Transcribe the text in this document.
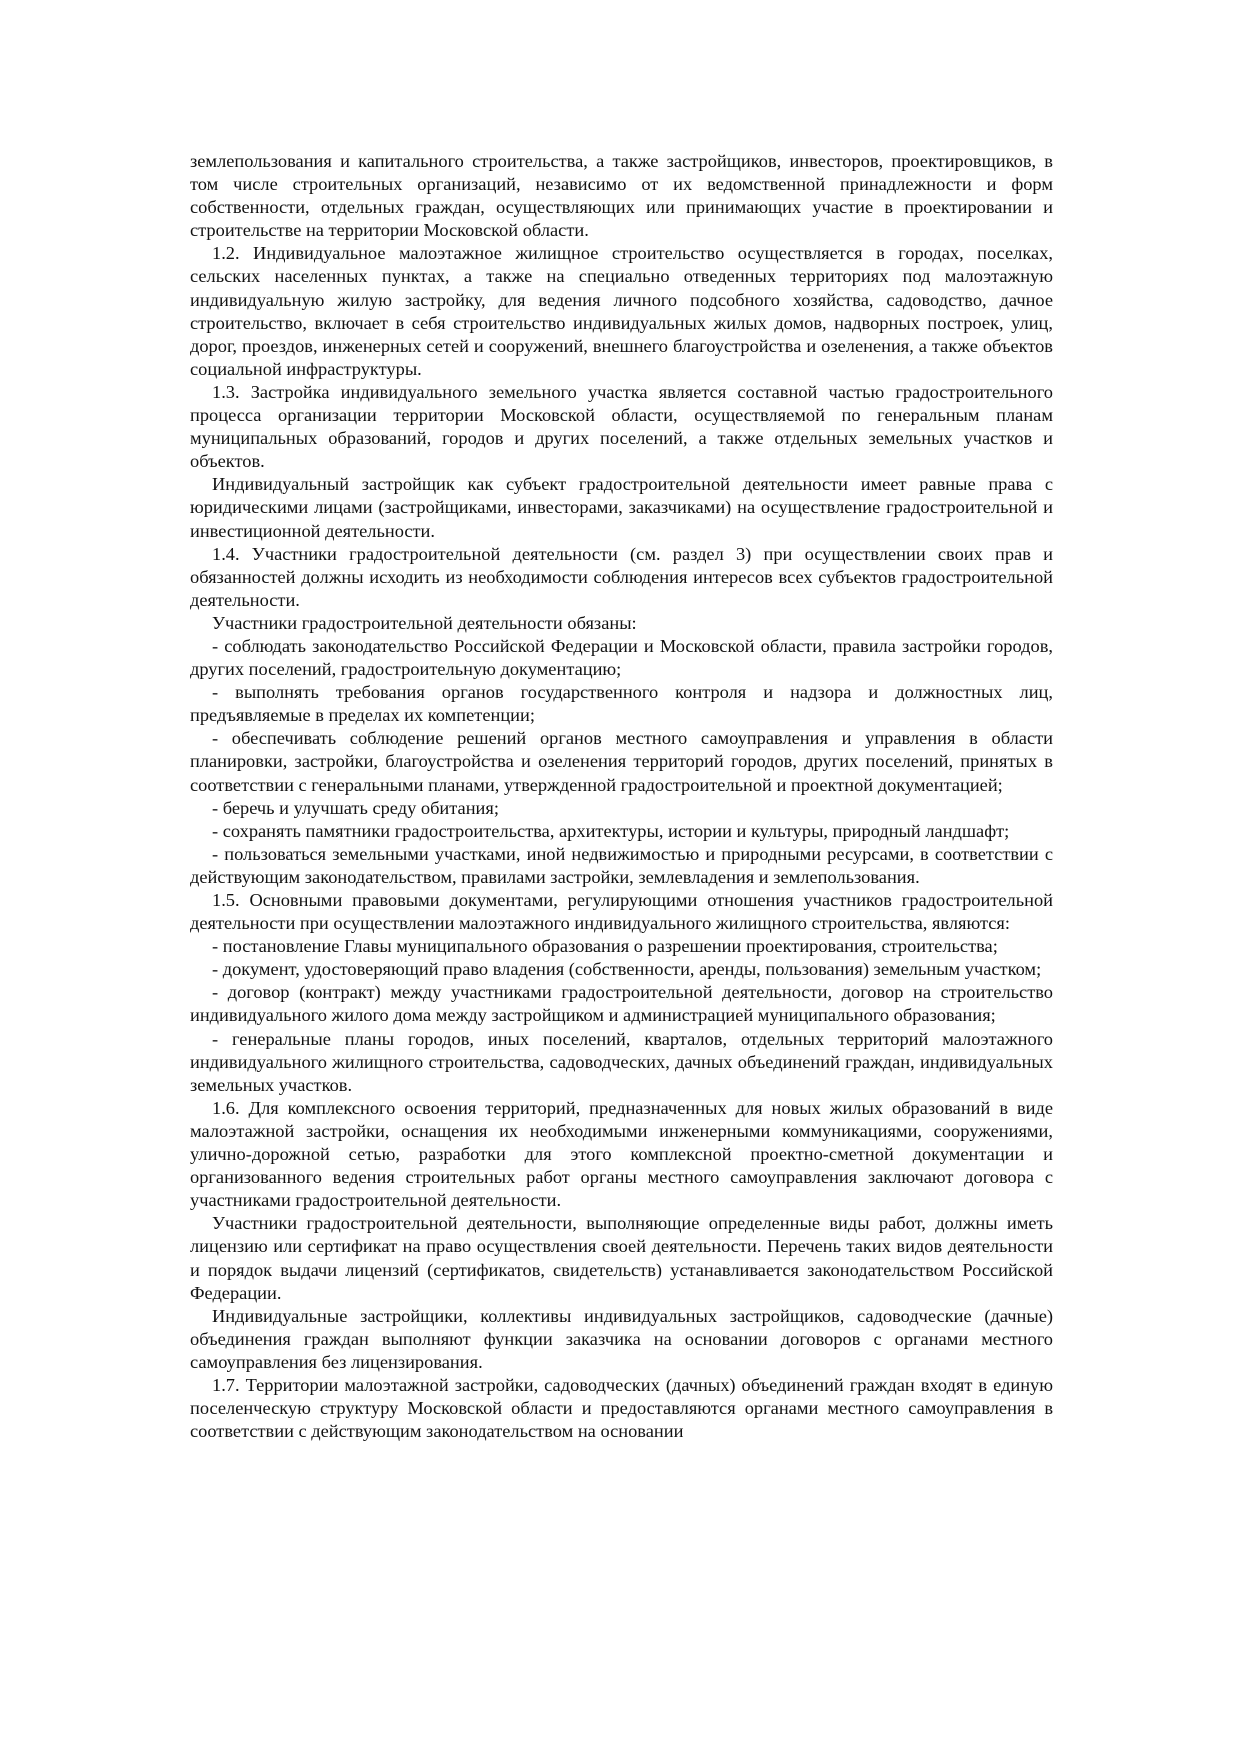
землепользования и капитального строительства, а также застройщиков, инвесторов, проектировщиков, в том числе строительных организаций, независимо от их ведомственной принадлежности и форм собственности, отдельных граждан, осуществляющих или принимающих участие в проектировании и строительстве на территории Московской области.

1.2. Индивидуальное малоэтажное жилищное строительство осуществляется в городах, поселках, сельских населенных пунктах, а также на специально отведенных территориях под малоэтажную индивидуальную жилую застройку, для ведения личного подсобного хозяйства, садоводство, дачное строительство, включает в себя строительство индивидуальных жилых домов, надворных построек, улиц, дорог, проездов, инженерных сетей и сооружений, внешнего благоустройства и озеленения, а также объектов социальной инфраструктуры.

1.3. Застройка индивидуального земельного участка является составной частью градостроительного процесса организации территории Московской области, осуществляемой по генеральным планам муниципальных образований, городов и других поселений, а также отдельных земельных участков и объектов.

Индивидуальный застройщик как субъект градостроительной деятельности имеет равные права с юридическими лицами (застройщиками, инвесторами, заказчиками) на осуществление градостроительной и инвестиционной деятельности.

1.4. Участники градостроительной деятельности (см. раздел 3) при осуществлении своих прав и обязанностей должны исходить из необходимости соблюдения интересов всех субъектов градостроительной деятельности.

Участники градостроительной деятельности обязаны:

- соблюдать законодательство Российской Федерации и Московской области, правила застройки городов, других поселений, градостроительную документацию;

- выполнять требования органов государственного контроля и надзора и должностных лиц, предъявляемые в пределах их компетенции;

- обеспечивать соблюдение решений органов местного самоуправления и управления в области планировки, застройки, благоустройства и озеленения территорий городов, других поселений, принятых в соответствии с генеральными планами, утвержденной градостроительной и проектной документацией;

- беречь и улучшать среду обитания;

- сохранять памятники градостроительства, архитектуры, истории и культуры, природный ландшафт;

- пользоваться земельными участками, иной недвижимостью и природными ресурсами, в соответствии с действующим законодательством, правилами застройки, землевладения и землепользования.

1.5. Основными правовыми документами, регулирующими отношения участников градостроительной деятельности при осуществлении малоэтажного индивидуального жилищного строительства, являются:

- постановление Главы муниципального образования о разрешении проектирования, строительства;

- документ, удостоверяющий право владения (собственности, аренды, пользования) земельным участком;

- договор (контракт) между участниками градостроительной деятельности, договор на строительство индивидуального жилого дома между застройщиком и администрацией муниципального образования;

- генеральные планы городов, иных поселений, кварталов, отдельных территорий малоэтажного индивидуального жилищного строительства, садоводческих, дачных объединений граждан, индивидуальных земельных участков.

1.6. Для комплексного освоения территорий, предназначенных для новых жилых образований в виде малоэтажной застройки, оснащения их необходимыми инженерными коммуникациями, сооружениями, улично-дорожной сетью, разработки для этого комплексной проектно-сметной документации и организованного ведения строительных работ органы местного самоуправления заключают договора с участниками градостроительной деятельности.

Участники градостроительной деятельности, выполняющие определенные виды работ, должны иметь лицензию или сертификат на право осуществления своей деятельности. Перечень таких видов деятельности и порядок выдачи лицензий (сертификатов, свидетельств) устанавливается законодательством Российской Федерации.

Индивидуальные застройщики, коллективы индивидуальных застройщиков, садоводческие (дачные) объединения граждан выполняют функции заказчика на основании договоров с органами местного самоуправления без лицензирования.

1.7. Территории малоэтажной застройки, садоводческих (дачных) объединений граждан входят в единую поселенческую структуру Московской области и предоставляются органами местного самоуправления в соответствии с действующим законодательством на основании
